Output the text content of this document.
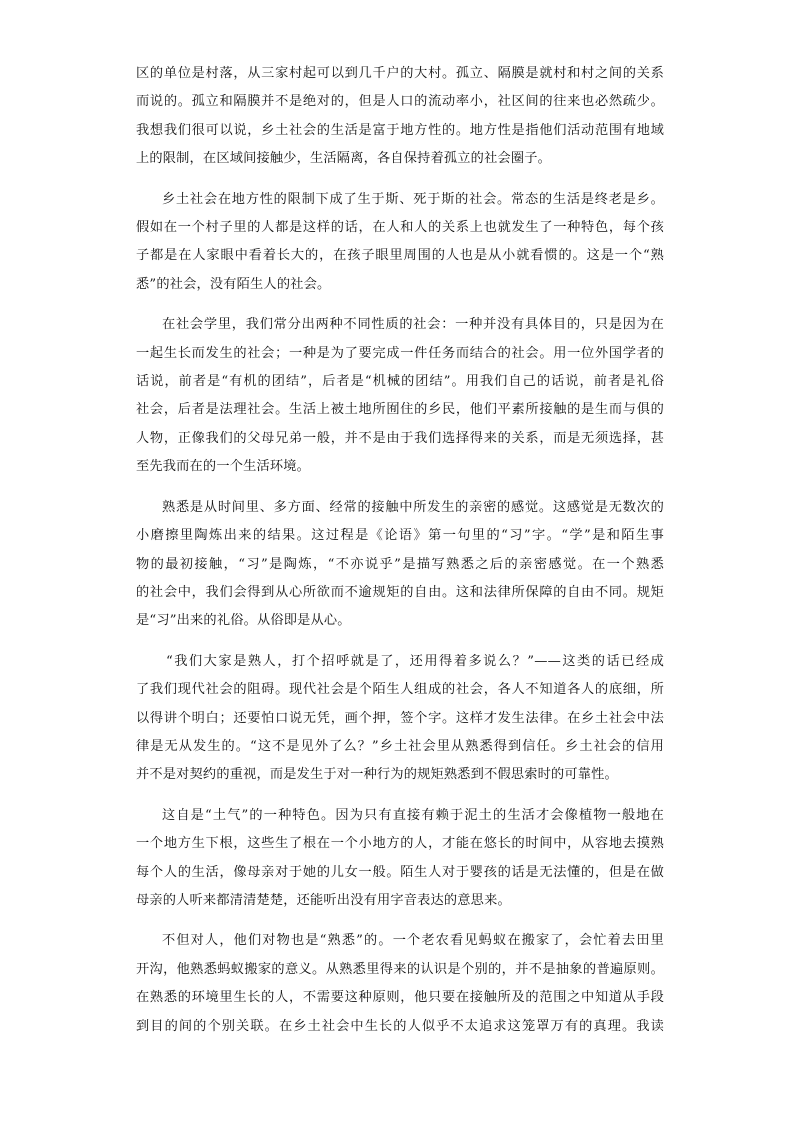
区的单位是村落，从三家村起可以到几千户的大村。孤立、隔膜是就村和村之间的关系
而说的。孤立和隔膜并不是绝对的，但是人口的流动率小，社区间的往来也必然疏少。
我想我们很可以说，乡土社会的生活是富于地方性的。地方性是指他们活动范围有地域
上的限制，在区域间接触少，生活隔离，各自保持着孤立的社会圈子。
乡土社会在地方性的限制下成了生于斯、死于斯的社会。常态的生活是终老是乡。
假如在一个村子里的人都是这样的话，在人和人的关系上也就发生了一种特色，每个孩
子都是在人家眼中看着长大的，在孩子眼里周围的人也是从小就看惯的。这是一个“熟
悉”的社会，没有陌生人的社会。
在社会学里，我们常分出两种不同性质的社会：一种并没有具体目的，只是因为在
一起生长而发生的社会；一种是为了要完成一件任务而结合的社会。用一位外国学者的
话说，前者是“有机的团结”，后者是“机械的团结”。用我们自己的话说，前者是礼俗
社会，后者是法理社会。生活上被土地所囿住的乡民，他们平素所接触的是生而与俱的
人物，正像我们的父母兄弟一般，并不是由于我们选择得来的关系，而是无须选择，甚
至先我而在的一个生活环境。
熟悉是从时间里、多方面、经常的接触中所发生的亲密的感觉。这感觉是无数次的
小磨擦里陶炼出来的结果。这过程是《论语》第一句里的“习”字。“学”是和陌生事
物的最初接触，“习”是陶炼，“不亦说乎”是描写熟悉之后的亲密感觉。在一个熟悉
的社会中，我们会得到从心所欲而不逾规矩的自由。这和法律所保障的自由不同。规矩
是“习”出来的礼俗。从俗即是从心。
“我们大家是熟人，打个招呼就是了，还用得着多说么？”——这类的话已经成
了我们现代社会的阻碍。现代社会是个陌生人组成的社会，各人不知道各人的底细，所
以得讲个明白；还要怕口说无凭，画个押，签个字。这样才发生法律。在乡土社会中法
律是无从发生的。“这不是见外了么？”乡土社会里从熟悉得到信任。乡土社会的信用
并不是对契约的重视，而是发生于对一种行为的规矩熟悉到不假思索时的可靠性。
这自是“土气”的一种特色。因为只有直接有赖于泥土的生活才会像植物一般地在
一个地方生下根，这些生了根在一个小地方的人，才能在悠长的时间中，从容地去摸熟
每个人的生活，像母亲对于她的儿女一般。陌生人对于婴孩的话是无法懂的，但是在做
母亲的人听来都清清楚楚，还能听出没有用字音表达的意思来。
不但对人，他们对物也是“熟悉”的。一个老农看见蚂蚁在搬家了，会忙着去田里
开沟，他熟悉蚂蚁搬家的意义。从熟悉里得来的认识是个别的，并不是抽象的普遍原则。
在熟悉的环境里生长的人，不需要这种原则，他只要在接触所及的范围之中知道从手段
到目的间的个别关联。在乡土社会中生长的人似乎不太追求这笼罩万有的真理。我读
